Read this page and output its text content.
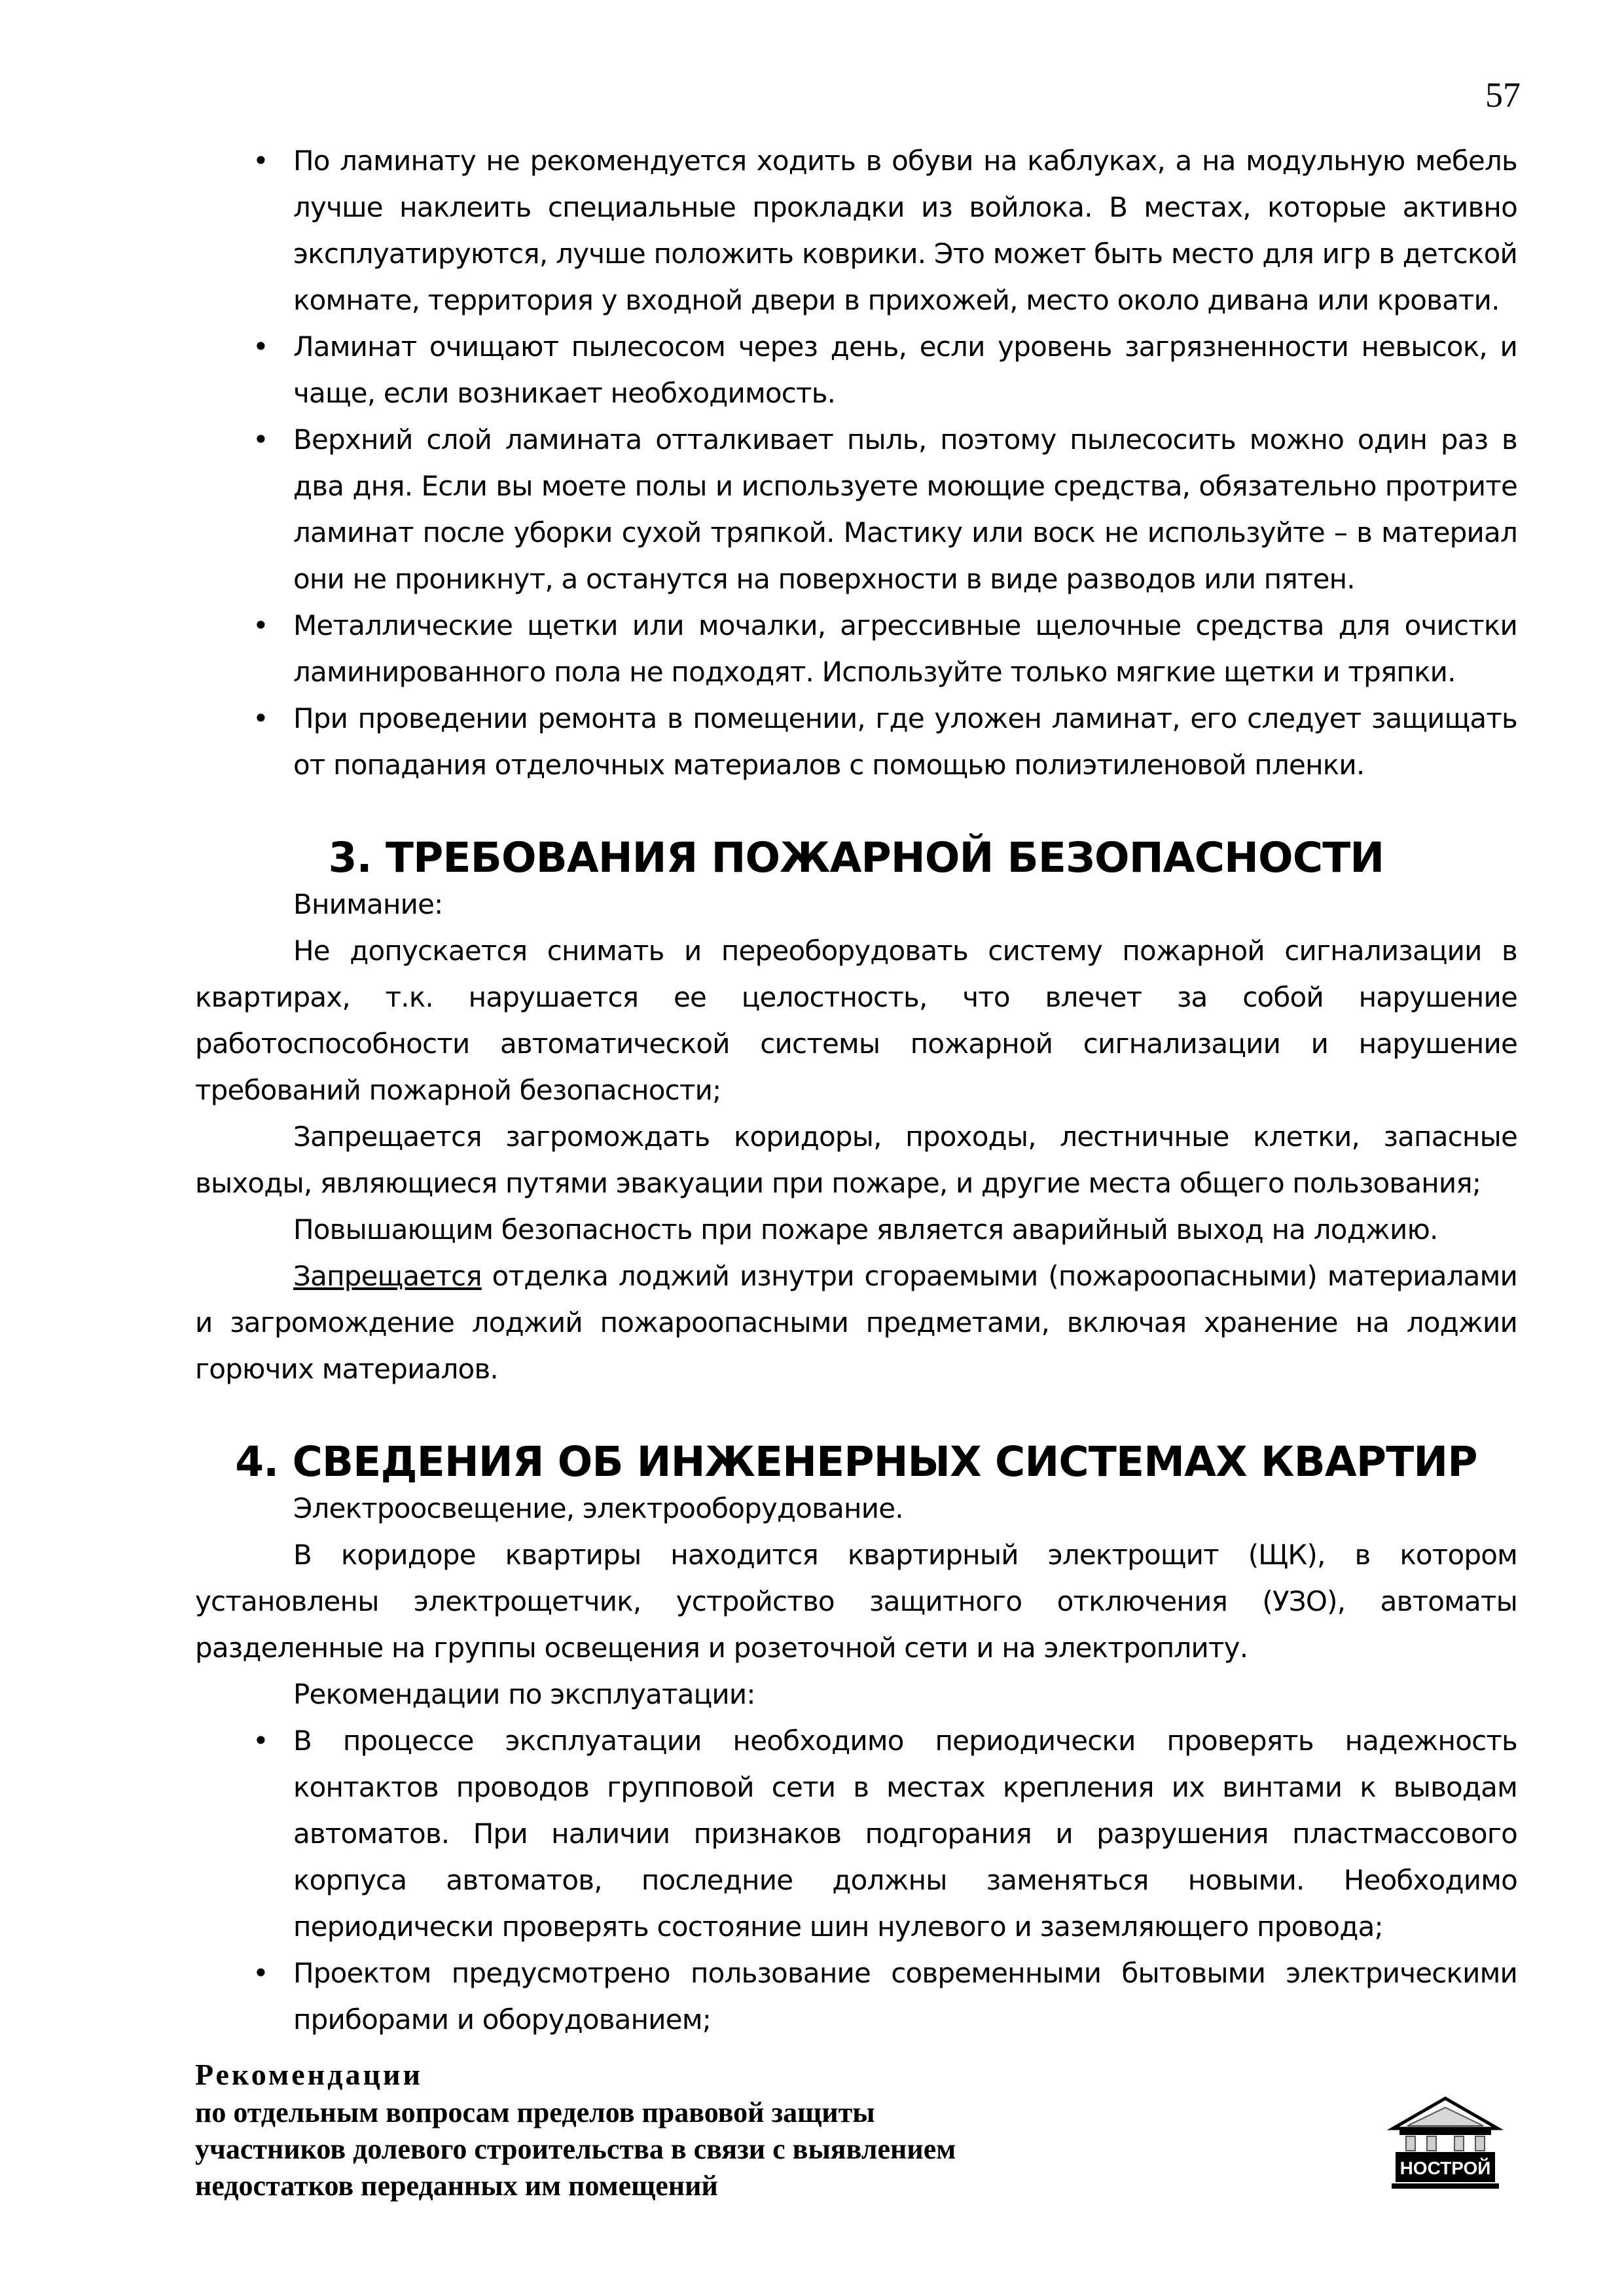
57
• По ламинату не рекомендуется ходить в обуви на каблуках, а на модульную мебель лучше наклеить специальные прокладки из войлока. В местах, которые активно эксплуатируются, лучше положить коврики. Это может быть место для игр в детской комнате, территория у входной двери в прихожей, место около дивана или кровати.
• Ламинат очищают пылесосом через день, если уровень загрязненности невысок, и чаще, если возникает необходимость.
• Верхний слой ламината отталкивает пыль, поэтому пылесосить можно один раз в два дня. Если вы моете полы и используете моющие средства, обязательно протрите ламинат после уборки сухой тряпкой. Мастику или воск не используйте – в материал они не проникнут, а останутся на поверхности в виде разводов или пятен.
• Металлические щетки или мочалки, агрессивные щелочные средства для очистки ламинированного пола не подходят. Используйте только мягкие щетки и тряпки.
• При проведении ремонта в помещении, где уложен ламинат, его следует защищать от попадания отделочных материалов с помощью полиэтиленовой пленки.
3. ТРЕБОВАНИЯ ПОЖАРНОЙ БЕЗОПАСНОСТИ

Внимание:

Не допускается снимать и переоборудовать систему пожарной сигнализации в квартирах, т.к. нарушается ее целостность, что влечет за собой нарушение работоспособности автоматической системы пожарной сигнализации и нарушение требований пожарной безопасности;

Запрещается загромождать коридоры, проходы, лестничные клетки, запасные выходы, являющиеся путями эвакуации при пожаре, и другие места общего пользования;

Повышающим безопасность при пожаре является аварийный выход на лоджию.

Запрещается отделка лоджий изнутри сгораемыми (пожароопасными) материалами и загромождение лоджий пожароопасными предметами, включая хранение на лоджии горючих материалов.

4. СВЕДЕНИЯ ОБ ИНЖЕНЕРНЫХ СИСТЕМАХ КВАРТИР

Электроосвещение, электрооборудование.

В коридоре квартиры находится квартирный электрощит (ЩК), в котором установлены электрощетчик, устройство защитного отключения (УЗО), автоматы разделенные на группы освещения и розеточной сети и на электроплиту.

Рекомендации по эксплуатации:

• В процессе эксплуатации необходимо периодически проверять надежность контактов проводов групповой сети в местах крепления их винтами к выводам автоматов. При наличии признаков подгорания и разрушения пластмассового корпуса автоматов, последние должны заменяться новыми. Необходимо периодически проверять состояние шин нулевого и заземляющего провода;
• Проектом предусмотрено пользование современными бытовыми электрическими приборами и оборудованием;
Рекомендации
по отдельным вопросам пределов правовой защиты
участников долевого строительства в связи с выявлением
недостатков переданных им помещений
НОСТРОЙ
